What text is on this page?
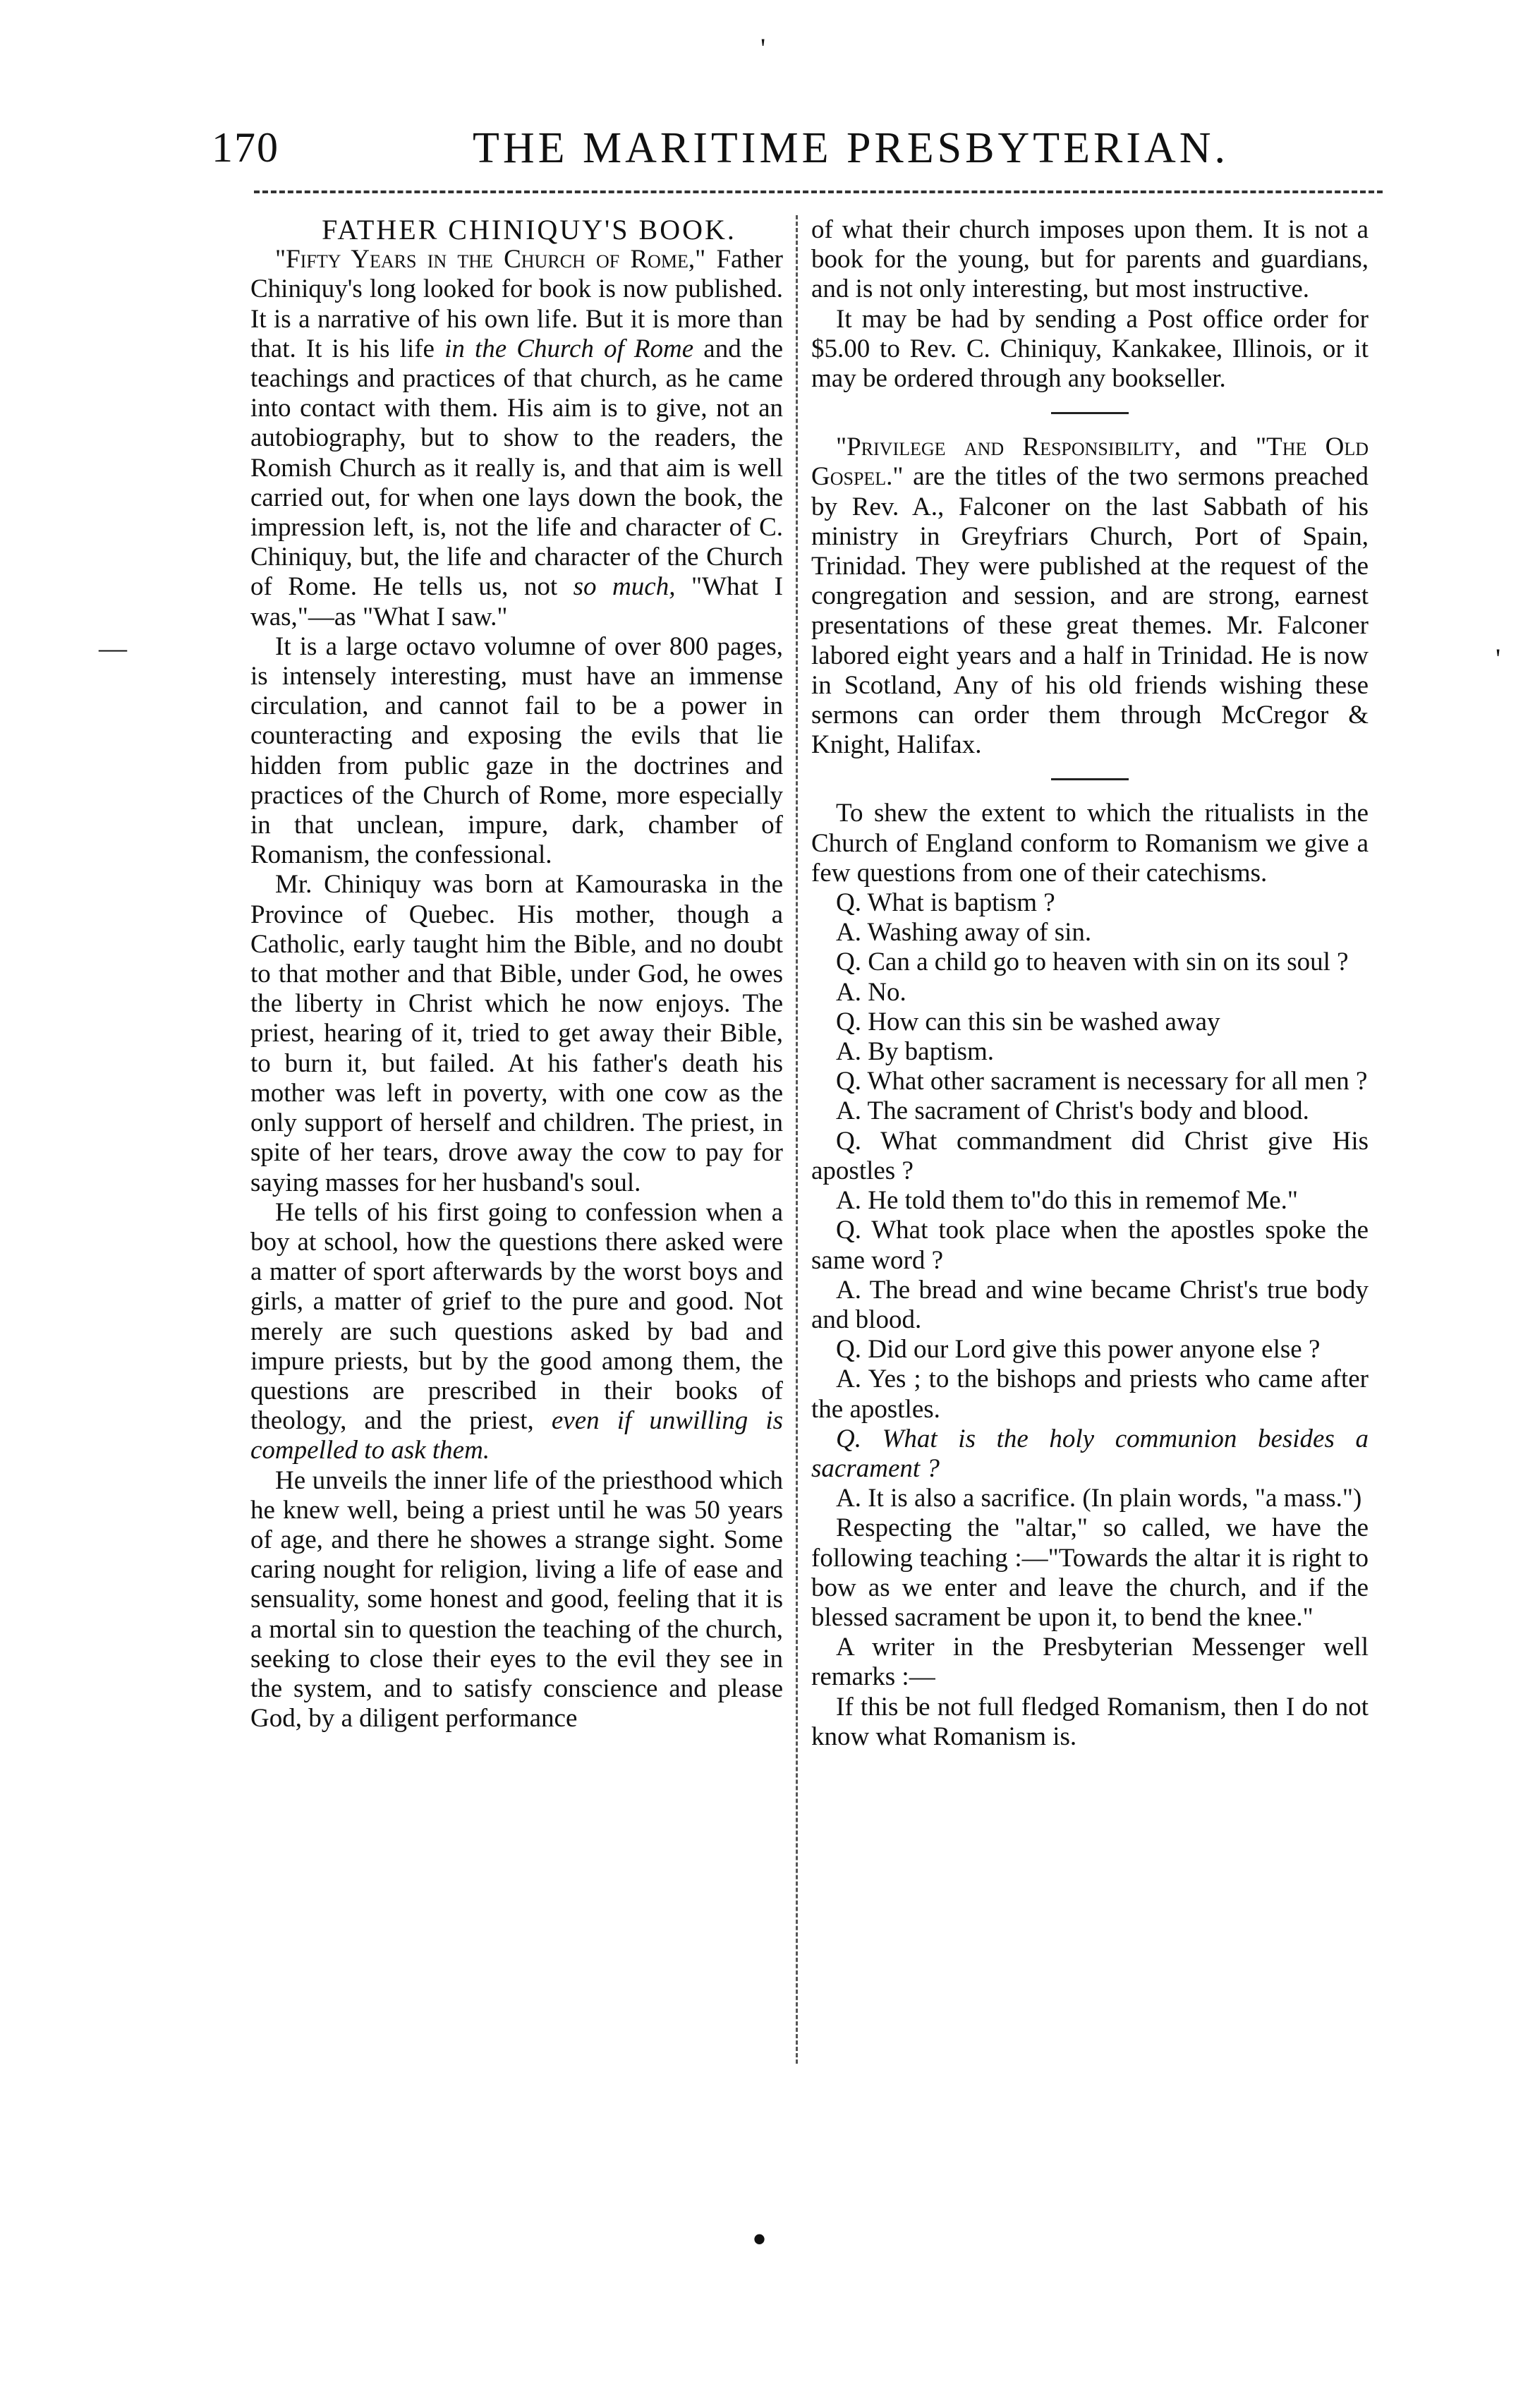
'
170	THE MARITIME PRESBYTERIAN.
—	'

FATHER CHINIQUY'S BOOK.

"Fifty Years in the Church of Rome," Father Chiniquy's long looked for book is now published. It is a narrative of his own life. But it is more than that. It is his life in the Church of Rome and the teachings and practices of that church, as he came into contact with them. His aim is to give, not an autobiography, but to show to the readers, the Romish Church as it really is, and that aim is well carried out, for when one lays down the book, the impression left, is, not the life and character of C. Chiniquy, but, the life and character of the Church of Rome. He tells us, not so much, "What I was,"—as "What I saw."

It is a large octavo volumne of over 800 pages, is intensely interesting, must have an immense circulation, and cannot fail to be a power in counteracting and exposing the evils that lie hidden from public gaze in the doctrines and practices of the Church of Rome, more especially in that unclean, impure, dark, chamber of Romanism, the confessional.

Mr. Chiniquy was born at Kamouraska in the Province of Quebec. His mother, though a Catholic, early taught him the Bible, and no doubt to that mother and that Bible, under God, he owes the liberty in Christ which he now enjoys. The priest, hearing of it, tried to get away their Bible, to burn it, but failed. At his father's death his mother was left in poverty, with one cow as the only support of herself and children. The priest, in spite of her tears, drove away the cow to pay for saying masses for her husband's soul.

He tells of his first going to confession when a boy at school, how the questions there asked were a matter of sport afterwards by the worst boys and girls, a matter of grief to the pure and good. Not merely are such questions asked by bad and impure priests, but by the good among them, the questions are prescribed in their books of theology, and the priest, even if unwilling is compelled to ask them.

He unveils the inner life of the priesthood which he knew well, being a priest until he was 50 years of age, and there he showes a strange sight. Some caring nought for religion, living a life of ease and sensuality, some honest and good, feeling that it is a mortal sin to question the teaching of the church, seeking to close their eyes to the evil they see in the system, and to satisfy conscience and please God, by a diligent performance

of what their church imposes upon them. It is not a book for the young, but for parents and guardians, and is not only interesting, but most instructive.

It may be had by sending a Post office order for $5.00 to Rev. C. Chiniquy, Kankakee, Illinois, or it may be ordered through any bookseller.

"Privilege and Responsibility, and "The Old Gospel." are the titles of the two sermons preached by Rev. A., Falconer on the last Sabbath of his ministry in Greyfriars Church, Port of Spain, Trinidad. They were published at the request of the congregation and session, and are strong, earnest presentations of these great themes. Mr. Falconer labored eight years and a half in Trinidad. He is now in Scotland, Any of his old friends wishing these sermons can order them through McCregor & Knight, Halifax.

To shew the extent to which the ritualists in the Church of England conform to Romanism we give a few questions from one of their catechisms.

Q. What is baptism ?

A. Washing away of sin.

Q. Can a child go to heaven with sin on its soul ?

A. No.

Q. How can this sin be washed away

A. By baptism.

Q. What other sacrament is necessary for all men ?

A. The sacrament of Christ's body and blood.

Q. What commandment did Christ give His apostles ?

A. He told them to"do this in rememof Me."

Q. What took place when the apostles spoke the same word ?

A. The bread and wine became Christ's true body and blood.

Q. Did our Lord give this power anyone else ?

A. Yes ; to the bishops and priests who came after the apostles.

Q. What is the holy communion besides a sacrament ?

A. It is also a sacrifice. (In plain words, "a mass.")

Respecting the "altar," so called, we have the following teaching :—"Towards the altar it is right to bow as we enter and leave the church, and if the blessed sacrament be upon it, to bend the knee."

A writer in the Presbyterian Messenger well remarks :—

If this be not full fledged Romanism, then I do not know what Romanism is.

•
